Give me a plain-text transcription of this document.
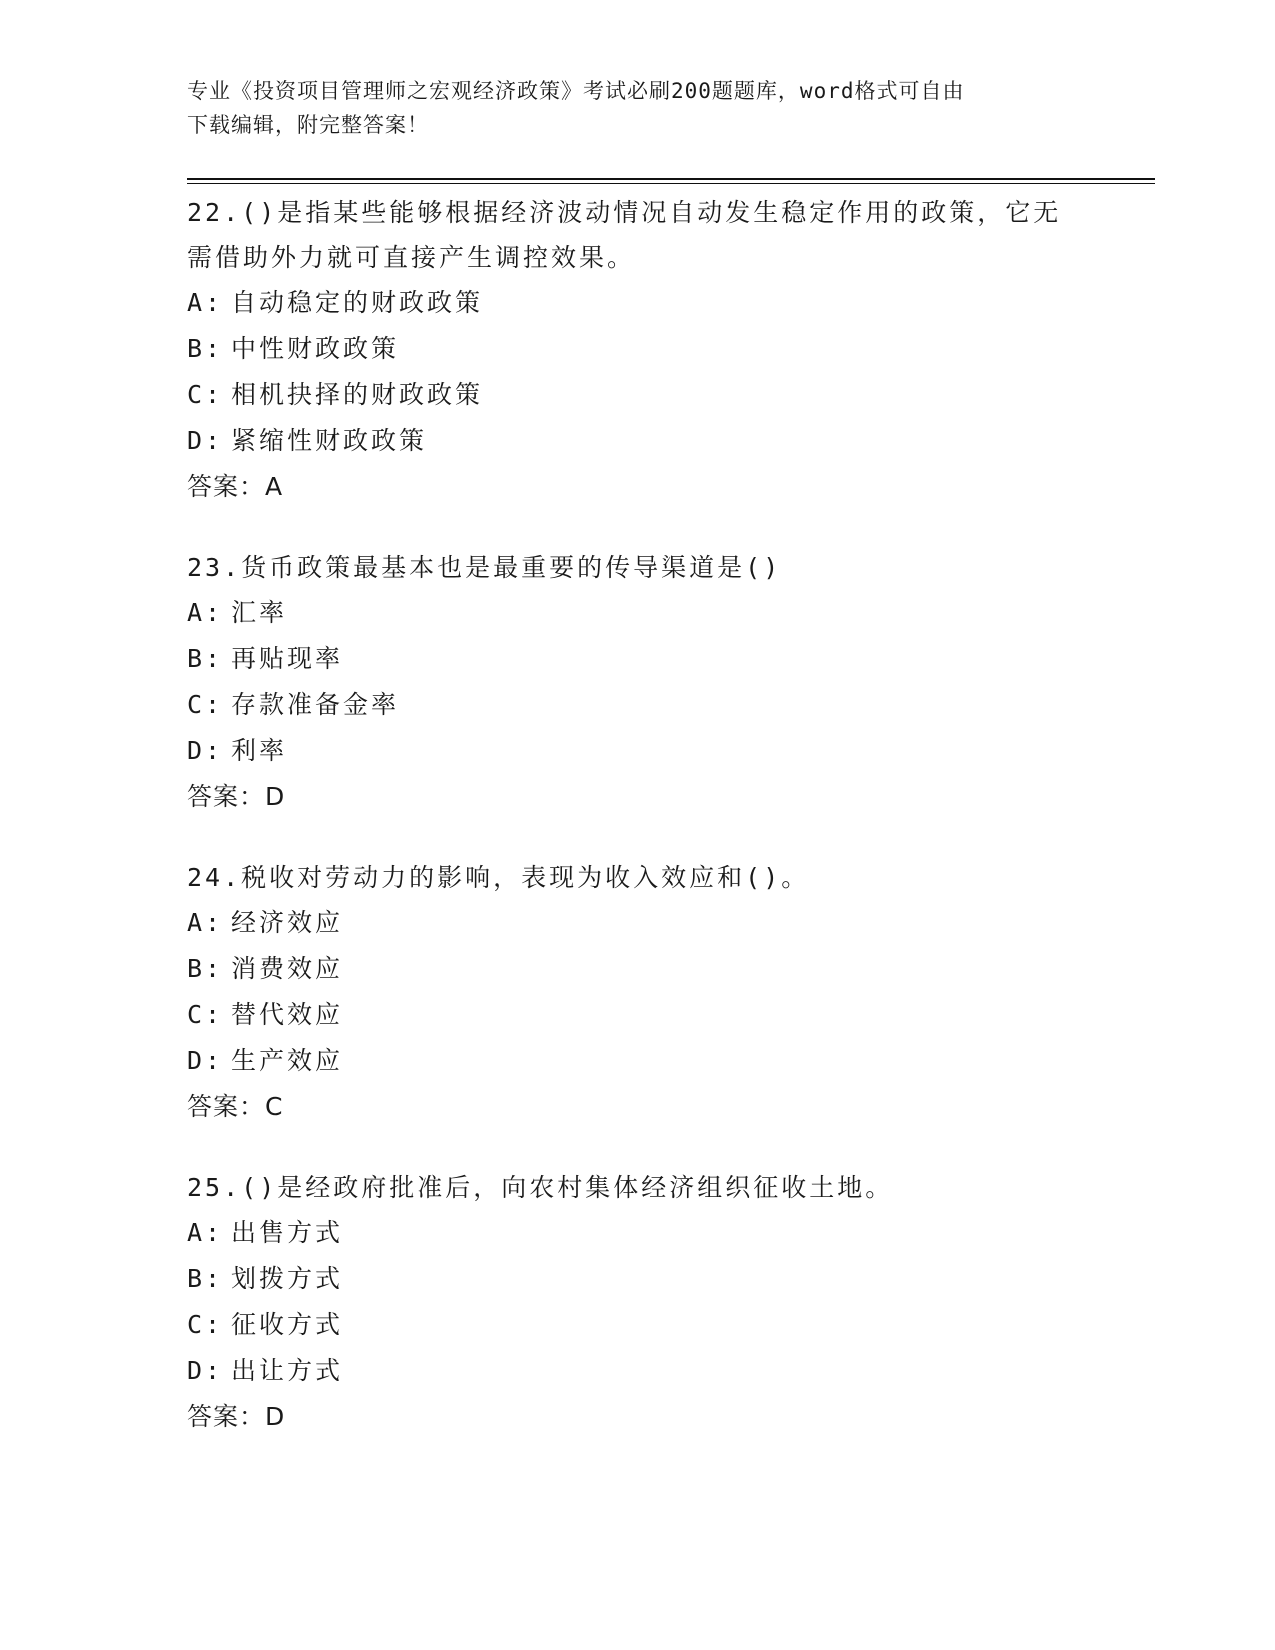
专业《投资项目管理师之宏观经济政策》考试必刷200题题库，word格式可自由
下载编辑，附完整答案！
22.()是指某些能够根据经济波动情况自动发生稳定作用的政策，它无
需借助外力就可直接产生调控效果。
A: 自动稳定的财政政策
B: 中性财政政策
C: 相机抉择的财政政策
D: 紧缩性财政政策
答案：A
23.货币政策最基本也是最重要的传导渠道是()
A: 汇率
B: 再贴现率
C: 存款准备金率
D: 利率
答案：D
24.税收对劳动力的影响，表现为收入效应和()。
A: 经济效应
B: 消费效应
C: 替代效应
D: 生产效应
答案：C
25.()是经政府批准后，向农村集体经济组织征收土地。
A: 出售方式
B: 划拨方式
C: 征收方式
D: 出让方式
答案：D
